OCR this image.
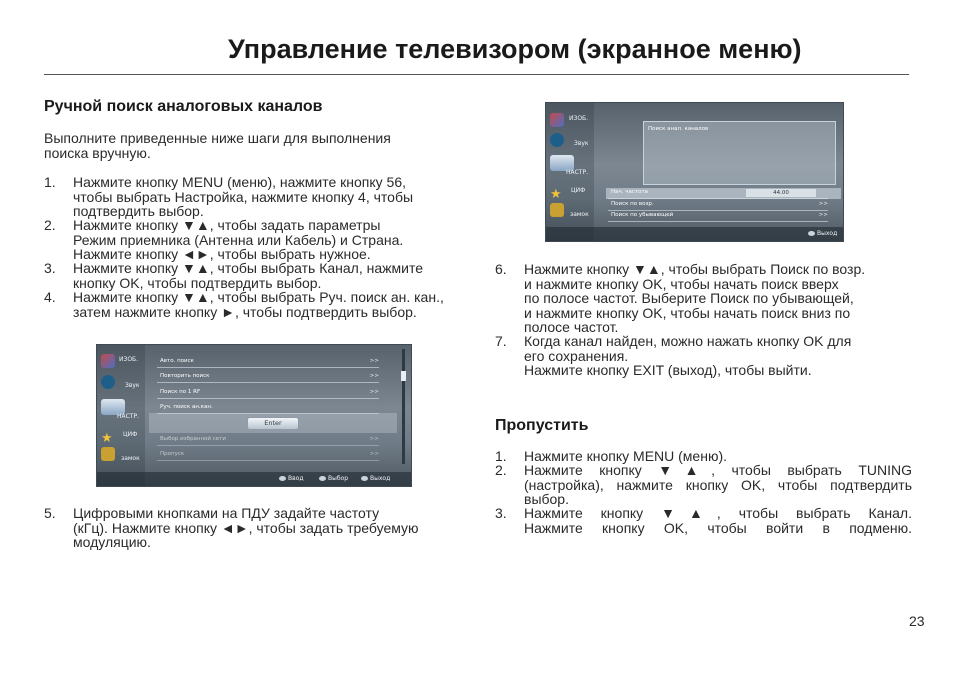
Управление телевизором (экранное меню)
Ручной поиск аналоговых каналов
Выполните приведенные ниже шаги для выполнения
поиска вручную.
1. Нажмите кнопку MENU (меню), нажмите кнопку 56,
чтобы выбрать Настройка, нажмите кнопку 4, чтобы
подтвердить выбор.
2. Нажмите кнопку ▼▲, чтобы задать параметры
Режим приемника (Антенна или Кабель) и Страна.
Нажмите кнопку ◄►, чтобы выбрать нужное.
3. Нажмите кнопку ▼▲, чтобы выбрать Канал, нажмите
кнопку OK, чтобы подтвердить выбор.
4. Нажмите кнопку ▼▲, чтобы выбрать Руч. поиск ан. кан.,
затем нажмите кнопку ►, чтобы подтвердить выбор.
ИЗОБ.
Звук
НАСТР.
★	ЦИФ
замок
Авто. поиск	>>
Повторить поиск	>>
Поиск по 1 RF	>>
Руч. поиск ан.кан.
Enter
Выбор избранной сети	>>
Пропуск	>>
Ввод	Выбор	Выход
5. Цифровыми кнопками на ПДУ задайте частоту
(кГц). Нажмите кнопку ◄►, чтобы задать требуемую
модуляцию.
ИЗОБ.
Звук
НАСТР.
★	ЦИФ
замок
Поиск анал. каналов
Нач. частота	44.00
Поиск по возр.	>>
Поиск по убывающей	>>
Выход
6. Нажмите кнопку ▼▲, чтобы выбрать Поиск по возр.
и нажмите кнопку OK, чтобы начать поиск вверх
по полосе частот. Выберите Поиск по убывающей,
и нажмите кнопку OK, чтобы начать поиск вниз по
полосе частот.
7. Когда канал найден, можно нажать кнопку OK для
его сохранения.
Нажмите кнопку EXIT (выход), чтобы выйти.
Пропустить
1. Нажмите кнопку MENU (меню).
2. Нажмите кнопку ▼▲, чтобы выбрать TUNING
(настройка), нажмите кнопку OK, чтобы подтвердить
выбор.
3. Нажмите кнопку ▼▲, чтобы выбрать Канал.
Нажмите кнопку OK, чтобы войти в подменю.
23
